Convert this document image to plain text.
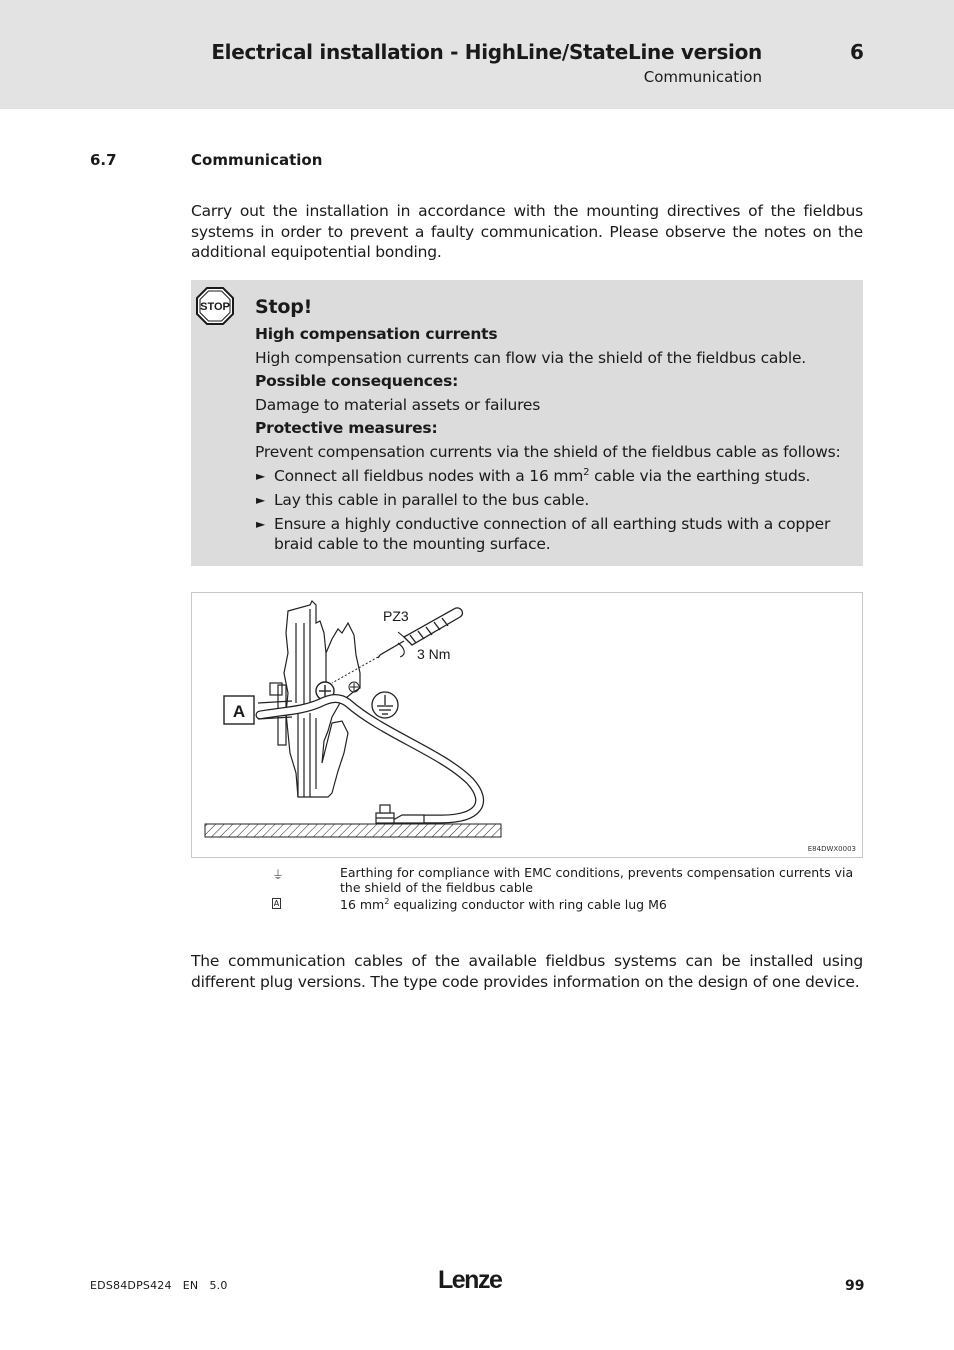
Electrical installation - HighLine/StateLine version	6
Communication
6.7	Communication
Carry out the installation in accordance with the mounting directives of the fieldbus systems in order to prevent a faulty communication. Please observe the notes on the additional equipotential bonding.
STOP Stop!
High compensation currents
High compensation currents can flow via the shield of the fieldbus cable.
Possible consequences:
Damage to material assets or failures
Protective measures:
Prevent compensation currents via the shield of the fieldbus cable as follows:
► Connect all fieldbus nodes with a 16 $mm^2$ cable via the earthing studs.
► Lay this cable in parallel to the bus cable.
► Ensure a highly conductive connection of all earthing studs with a copper braid cable to the mounting surface.
A
PZ3
3 Nm
E84DWX0003
⏚	Earthing for compliance with EMC conditions, prevents compensation currents via the shield of the fieldbus cable
A	16 $mm^2$ equalizing conductor with ring cable lug M6
The communication cables of the available fieldbus systems can be installed using different plug versions. The type code provides information on the design of one device.
EDS84DPS424   EN   5.0	Lenze	99
